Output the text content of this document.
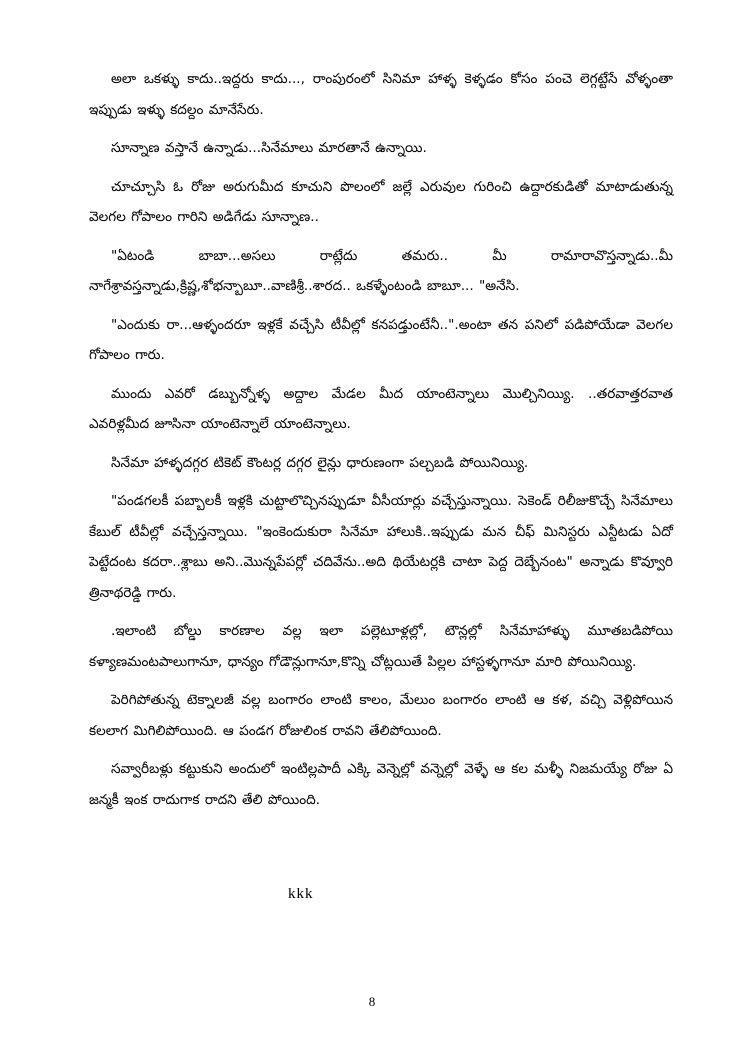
అలా ఒకళ్ళు కాదు..ఇద్దరు కాదు..., రాంపురంలో సినిమా హాళ్ళ కెళ్ళడం కోసం పంచె లెగ్గట్టేసే వోళ్ళంతా ఇప్పుడు ఇళ్ళు కదల్దం మానేసేరు.

సూన్నాణ వస్తానే ఉన్నాడు...సినేమాలు మారతానే ఉన్నాయి.

చూచ్చూసి ఓ రోజు అరుగుమీద కూచుని పొలంలో జల్లే ఎరువుల గురించి ఉద్దారకుడితో మాటాడుతున్న వెలగల గోపాలం గారిని అడిగేడు సూన్నాణ..

"ఏటండి బాబా...అసలు రాట్లేదు తమరు.. మీ రామారావొస్తన్నాడు..మీ నాగేశ్రావస్తన్నాడు,క్రిష్ణ,శోభన్బాబూ..వాణిశ్రీ..శారద.. ఒకళ్ళేంటండి బాబూ... "అనేసి.

"ఎందుకు రా...ఆళ్ళందరూ ఇళ్లకే వచ్చేసి టీవీల్లో కనపడ్తుంటేనీ..".అంటా తన పనిలో పడిపోయేడా వెలగల గోపాలం గారు.

ముందు ఎవరో డబ్బున్నోళ్ళ అద్దాల మేడల మీద యాంటెన్నాలు మొల్చినియ్యి. ..తరవాత్తరవాత ఎవరిళ్లమీద జూసినా యాంటెన్నాలే యాంటెన్నాలు.

సినేమా హాళ్ళదగ్గర టికెట్ కౌంటర్ల దగ్గర లైన్లు ధారుణంగా పల్చబడి పోయినియ్యి.

"పండగలకీ పబ్బాలకీ ఇళ్లకి చుట్టాలొచ్చినప్పుడూ వీసీయార్లు వచ్చేస్తున్నాయి. సెకెండ్ రిలీజుకొచ్చే సినేమాలు కేబుల్ టీవీల్లో వచ్చేస్తన్నాయి. "ఇంకెందుకురా సినేమా హాలుకి..ఇప్పుడు మన చీఫ్ మినిస్టరు ఎన్టీటడు ఏదో పెట్టేదంట కదరా..శ్లాబు అని..మొన్నపేపర్లో చదివేను..అది థియేటర్లకి చాటా పెద్ద దెబ్బేనంట" అన్నాడు కొవ్వూరి త్రినాథరెడ్డి గారు.

.ఇలాంటి బోల్డు కారణాల వల్ల ఇలా పల్లెటూళ్లల్లో, టౌన్లల్లో సినేమాహాళ్ళు మూతబడిపోయి కళ్యాణమంటపాలుగానూ, ధాన్యం గోడౌన్లుగానూ,కొన్ని చోట్లయితే పిల్లల హాస్టళ్ళగానూ మారి పోయినియ్యి.

పెరిగిపోతున్న టెక్నాలజీ వల్ల బంగారం లాంటి కాలం, మేలుం బంగారం లాంటి ఆ కళ, వచ్చి వెళ్లిపోయిన కలలాగ మిగిలిపోయింది. ఆ పండగ రోజులింక రావని తేలిపోయింది.

సవ్వారీబళ్లు కట్టుకుని అందులో ఇంటిల్లపాదీ ఎక్కి వెన్నెల్లో వన్నెల్లో వెళ్ళే ఆ కల మళ్ళీ నిజమయ్యే రోజు ఏ జన్మకీ ఇంక రాదుగాక రాదని తేలి పోయింది.

kkk
8
